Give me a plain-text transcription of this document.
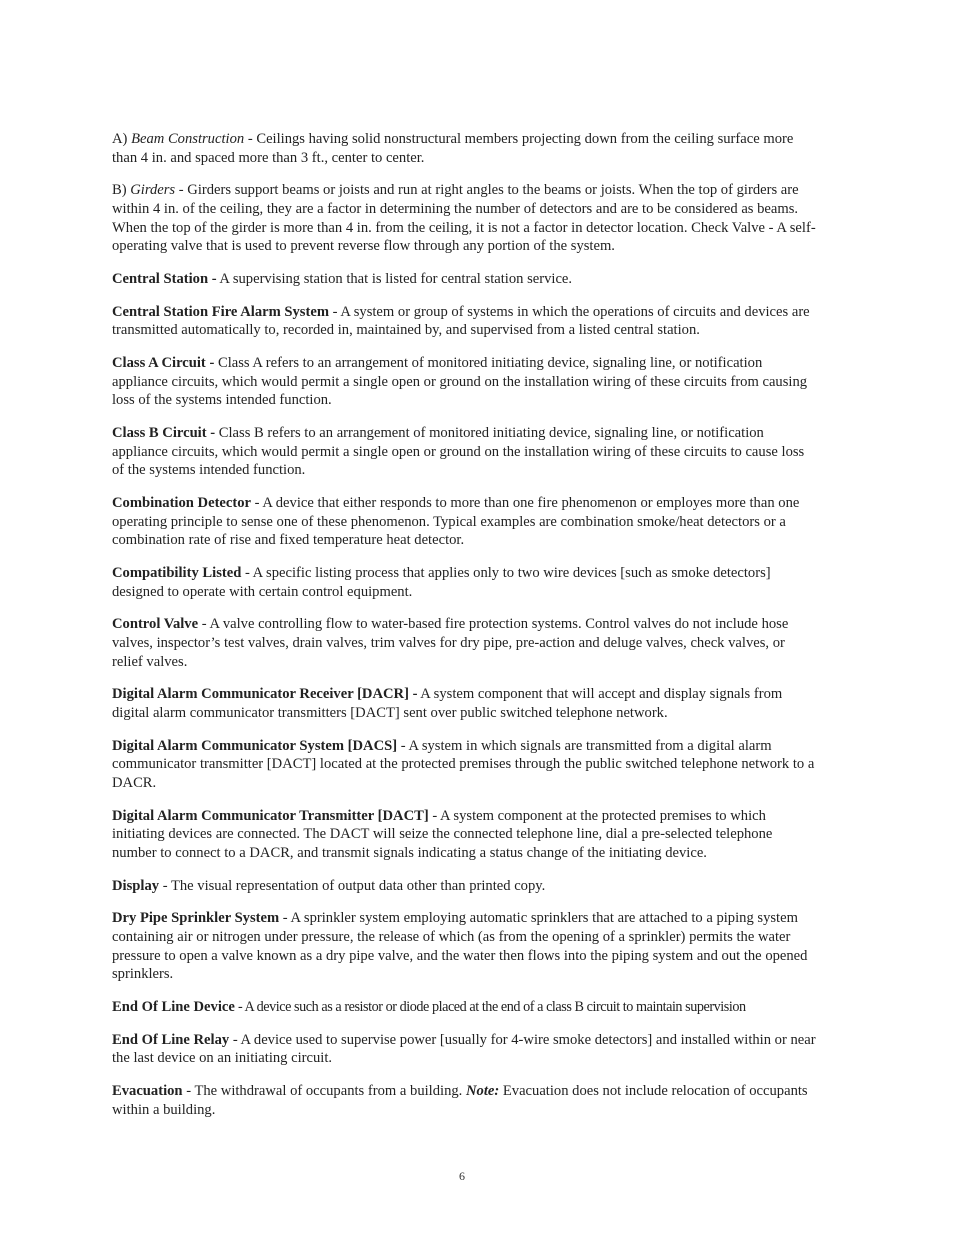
A) Beam Construction - Ceilings having solid nonstructural members projecting down from the ceiling surface more than 4 in. and spaced more than 3 ft., center to center.

B) Girders - Girders support beams or joists and run at right angles to the beams or joists. When the top of girders are within 4 in. of the ceiling, they are a factor in determining the number of detectors and are to be considered as beams. When the top of the girder is more than 4 in. from the ceiling, it is not a factor in detector location. Check Valve - A self-operating valve that is used to prevent reverse flow through any portion of the system.

Central Station - A supervising station that is listed for central station service.

Central Station Fire Alarm System - A system or group of systems in which the operations of circuits and devices are transmitted automatically to, recorded in, maintained by, and supervised from a listed central station.

Class A Circuit - Class A refers to an arrangement of monitored initiating device, signaling line, or notification appliance circuits, which would permit a single open or ground on the installation wiring of these circuits from causing loss of the systems intended function.

Class B Circuit - Class B refers to an arrangement of monitored initiating device, signaling line, or notification appliance circuits, which would permit a single open or ground on the installation wiring of these circuits to cause loss of the systems intended function.

Combination Detector - A device that either responds to more than one fire phenomenon or employes more than one operating principle to sense one of these phenomenon. Typical examples are combination smoke/heat detectors or a combination rate of rise and fixed temperature heat detector.

Compatibility Listed - A specific listing process that applies only to two wire devices [such as smoke detectors] designed to operate with certain control equipment.

Control Valve - A valve controlling flow to water-based fire protection systems. Control valves do not include hose valves, inspector’s test valves, drain valves, trim valves for dry pipe, pre-action and deluge valves, check valves, or relief valves.

Digital Alarm Communicator Receiver [DACR] - A system component that will accept and display signals from digital alarm communicator transmitters [DACT] sent over public switched telephone network.

Digital Alarm Communicator System [DACS] - A system in which signals are transmitted from a digital alarm communicator transmitter [DACT] located at the protected premises through the public switched telephone network to a DACR.

Digital Alarm Communicator Transmitter [DACT] - A system component at the protected premises to which initiating devices are connected. The DACT will seize the connected telephone line, dial a pre-selected telephone number to connect to a DACR, and transmit signals indicating a status change of the initiating device.

Display - The visual representation of output data other than printed copy.

Dry Pipe Sprinkler System - A sprinkler system employing automatic sprinklers that are attached to a piping system containing air or nitrogen under pressure, the release of which (as from the opening of a sprinkler) permits the water pressure to open a valve known as a dry pipe valve, and the water then flows into the piping system and out the opened sprinklers.

End Of Line Device - A device such as a resistor or diode placed at the end of a class B circuit to maintain supervision

End Of Line Relay - A device used to supervise power [usually for 4-wire smoke detectors] and installed within or near the last device on an initiating circuit.

Evacuation - The withdrawal of occupants from a building. Note: Evacuation does not include relocation of occupants within a building.

6
